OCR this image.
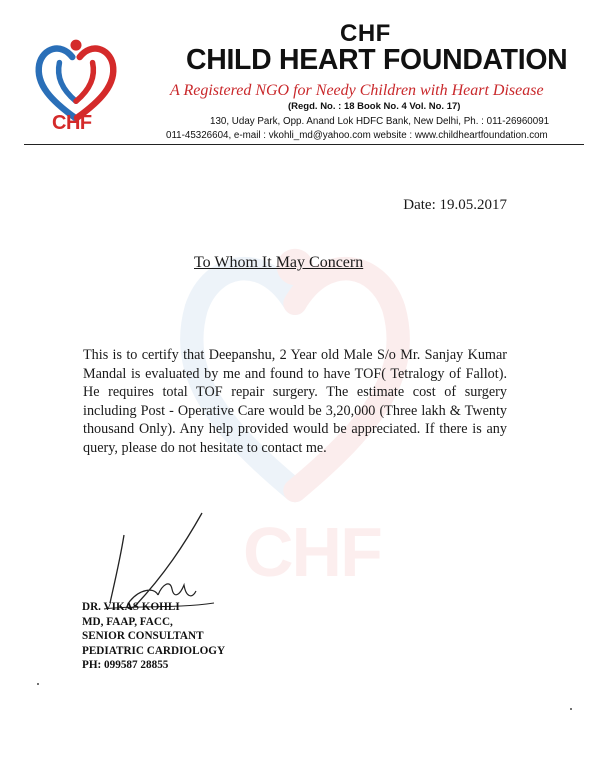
CHF
CHF
CHF
CHILD HEART FOUNDATION
A Registered NGO for Needy Children with Heart Disease
(Regd. No. : 18 Book No. 4 Vol. No. 17)
130, Uday Park, Opp. Anand Lok HDFC Bank, New Delhi, Ph. : 011-26960091
011-45326604, e-mail : vkohli_md@yahoo.com website : www.childheartfoundation.com
Date: 19.05.2017
To Whom It May Concern
This is to certify that Deepanshu, 2 Year old Male S/o Mr. Sanjay Kumar Mandal is evaluated by me and found to have TOF( Tetralogy of Fallot). He requires total TOF repair surgery. The estimate cost of surgery including Post - Operative Care would be 3,20,000 (Three lakh & Twenty thousand Only). Any help provided would be appreciated. If there is any query, please do not hesitate to contact me.
DR. VIKAS KOHLI
MD, FAAP, FACC,
SENIOR CONSULTANT
PEDIATRIC CARDIOLOGY
PH: 099587 28855
